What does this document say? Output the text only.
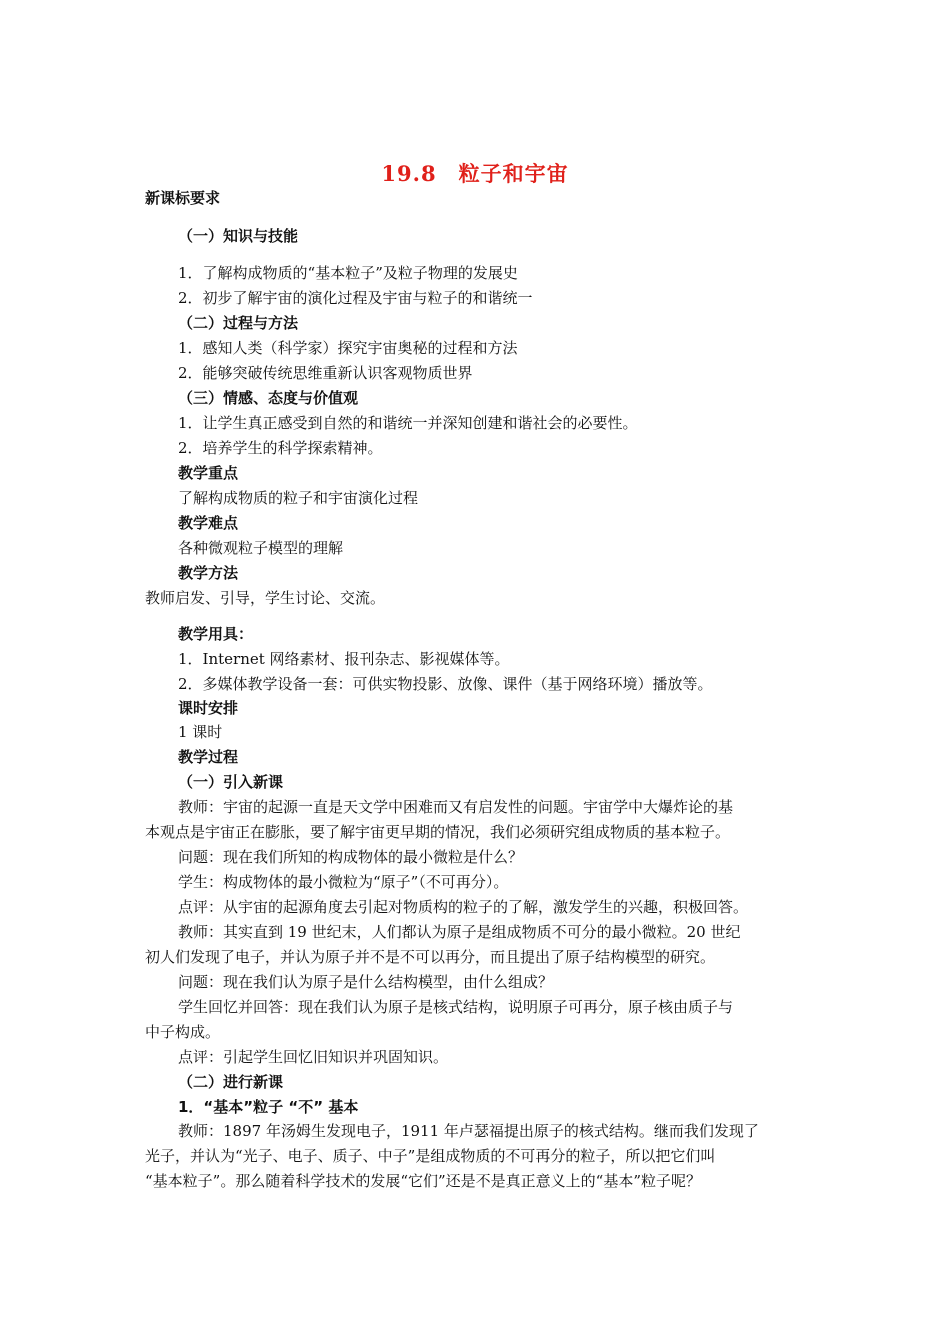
19.8　粒子和宇宙
新课标要求
（一）知识与技能
1．了解构成物质的“基本粒子”及粒子物理的发展史
2．初步了解宇宙的演化过程及宇宙与粒子的和谐统一
（二）过程与方法
1．感知人类（科学家）探究宇宙奥秘的过程和方法
2．能够突破传统思维重新认识客观物质世界
（三）情感、态度与价值观
1．让学生真正感受到自然的和谐统一并深知创建和谐社会的必要性。
2．培养学生的科学探索精神。
教学重点
了解构成物质的粒子和宇宙演化过程
教学难点
各种微观粒子模型的理解
教学方法
教师启发、引导，学生讨论、交流。
教学用具：
1．Internet 网络素材、报刊杂志、影视媒体等。
2．多媒体教学设备一套：可供实物投影、放像、课件（基于网络环境）播放等。
课时安排
1 课时
教学过程
（一）引入新课
教师：宇宙的起源一直是天文学中困难而又有启发性的问题。宇宙学中大爆炸论的基
本观点是宇宙正在膨胀，要了解宇宙更早期的情况，我们必须研究组成物质的基本粒子。
问题：现在我们所知的构成物体的最小微粒是什么？
学生：构成物体的最小微粒为“原子”（不可再分）。
点评：从宇宙的起源角度去引起对物质构的粒子的了解，激发学生的兴趣，积极回答。
教师：其实直到 19 世纪末，人们都认为原子是组成物质不可分的最小微粒。20 世纪
初人们发现了电子，并认为原子并不是不可以再分，而且提出了原子结构模型的研究。
问题：现在我们认为原子是什么结构模型，由什么组成？
学生回忆并回答：现在我们认为原子是核式结构，说明原子可再分，原子核由质子与
中子构成。
点评：引起学生回忆旧知识并巩固知识。
（二）进行新课
1．“基本”粒子 “不” 基本
教师：1897 年汤姆生发现电子，1911 年卢瑟福提出原子的核式结构。继而我们发现了
光子，并认为“光子、电子、质子、中子”是组成物质的不可再分的粒子，所以把它们叫
“基本粒子”。那么随着科学技术的发展“它们”还是不是真正意义上的“基本”粒子呢？
